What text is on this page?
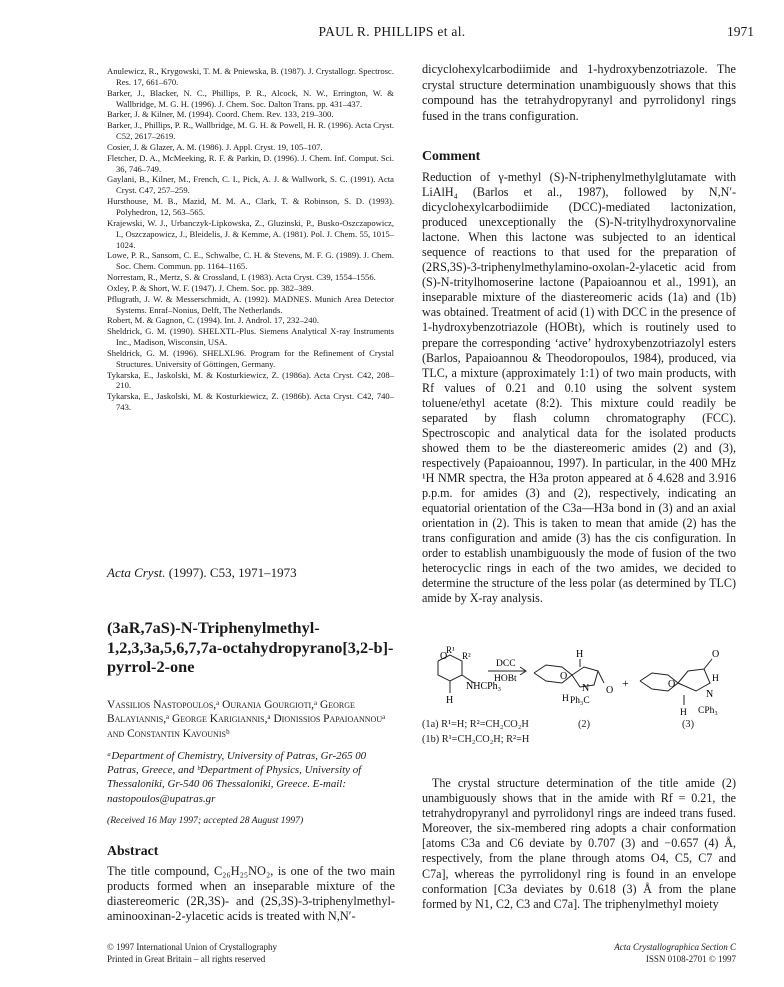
PAUL R. PHILLIPS et al.	1971
Anulewicz, R., Krygowski, T. M. & Pniewska, B. (1987). J. Crystallogr. Spectrosc. Res. 17, 661–670.
Barker, J., Blacker, N. C., Phillips, P. R., Alcock, N. W., Errington, W. & Wallbridge, M. G. H. (1996). J. Chem. Soc. Dalton Trans. pp. 431–437.
Barker, J. & Kilner, M. (1994). Coord. Chem. Rev. 133, 219–300.
Barker, J., Phillips, P. R., Wallbridge, M. G. H. & Powell, H. R. (1996). Acta Cryst. C52, 2617–2619.
Cosier, J. & Glazer, A. M. (1986). J. Appl. Cryst. 19, 105–107.
Fletcher, D. A., McMeeking, R. F. & Parkin, D. (1996). J. Chem. Inf. Comput. Sci. 36, 746–749.
Gaylani, B., Kilner, M., French, C. I., Pick, A. J. & Wallwork, S. C. (1991). Acta Cryst. C47, 257–259.
Hursthouse, M. B., Mazid, M. M. A., Clark, T. & Robinson, S. D. (1993). Polyhedron, 12, 563–565.
Krajewski, W. J., Urbanczyk-Lipkowska, Z., Gluzinski, P., Busko-Oszczapowicz, I., Oszczapowicz, J., Bleidelis, J. & Kemme, A. (1981). Pol. J. Chem. 55, 1015–1024.
Lowe, P. R., Sansom, C. E., Schwalbe, C. H. & Stevens, M. F. G. (1989). J. Chem. Soc. Chem. Commun. pp. 1164–1165.
Norrestam, R., Mertz, S. & Crossland, I. (1983). Acta Cryst. C39, 1554–1556.
Oxley, P. & Short, W. F. (1947). J. Chem. Soc. pp. 382–389.
Pflugrath, J. W. & Messerschmidt, A. (1992). MADNES. Munich Area Detector Systems. Enraf–Nonius, Delft, The Netherlands.
Robert, M. & Gagnon, C. (1994). Int. J. Androl. 17, 232–240.
Sheldrick, G. M. (1990). SHELXTL-Plus. Siemens Analytical X-ray Instruments Inc., Madison, Wisconsin, USA.
Sheldrick, G. M. (1996). SHELXL96. Program for the Refinement of Crystal Structures. University of Göttingen, Germany.
Tykarska, E., Jaskolski, M. & Kosturkiewicz, Z. (1986a). Acta Cryst. C42, 208–210.
Tykarska, E., Jaskolski, M. & Kosturkiewicz, Z. (1986b). Acta Cryst. C42, 740–743.
Acta Cryst. (1997). C53, 1971–1973
(3aR,7aS)-N-Triphenylmethyl-1,2,3,3a,5,6,7,7a-octahydropyrano[3,2-b]-pyrrol-2-one
Vassilios Nastopoulos,ᵃ Ourania Gourgioti,ᵃ George Balayiannis,ᵃ George Karigiannis,ᵃ Dionissios Papaioannouᵃ and Constantin Kavounisᵇ
ᵃDepartment of Chemistry, University of Patras, Gr-265 00 Patras, Greece, and ᵇDepartment of Physics, University of Thessaloniki, Gr-540 06 Thessaloniki, Greece. E-mail: nastopoulos@upatras.gr
(Received 16 May 1997; accepted 28 August 1997)
Abstract
The title compound, C₂₆H₂₅NO₂, is one of the two main products formed when an inseparable mixture of the diastereomeric (2R,3S)- and (2S,3S)-3-triphenylmethyl-aminooxinan-2-ylacetic acids is treated with N,N′-
© 1997 International Union of Crystallography
Printed in Great Britain – all rights reserved
Acta Crystallographica Section C
ISSN 0108-2701 © 1997
dicyclohexylcarbodiimide and 1-hydroxybenzotriazole. The crystal structure determination unambiguously shows that this compound has the tetrahydropyranyl and pyrrolidonyl rings fused in the trans configuration.
Comment
Reduction of γ-methyl (S)-N-triphenylmethylglutamate with LiAlH₄ (Barlos et al., 1987), followed by N,N′-dicyclohexylcarbodiimide (DCC)-mediated lactonization, produced unexceptionally the (S)-N-tritylhydroxynorvaline lactone. When this lactone was subjected to an identical sequence of reactions to that used for the preparation of (2RS,3S)-3-triphenylmethylamino-oxolan-2-ylacetic acid from (S)-N-tritylhomoserine lactone (Papaioannou et al., 1991), an inseparable mixture of the diastereomeric acids (1a) and (1b) was obtained. Treatment of acid (1) with DCC in the presence of 1-hydroxybenzotriazole (HOBt), which is routinely used to prepare the corresponding ‘active’ hydroxybenzotriazolyl esters (Barlos, Papaioannou & Theodoropoulos, 1984), produced, via TLC, a mixture (approximately 1:1) of two main products, with Rf values of 0.21 and 0.10 using the solvent system toluene/ethyl acetate (8:2). This mixture could readily be separated by flash column chromatography (FCC). Spectroscopic and analytical data for the isolated products showed them to be the diastereomeric amides (2) and (3), respectively (Papaioannou, 1997). In particular, in the 400 MHz ¹H NMR spectra, the H3a proton appeared at δ 4.628 and 3.916 p.p.m. for amides (3) and (2), respectively, indicating an equatorial orientation of the C3a—H3a bond in (3) and an axial orientation in (2). This is taken to mean that amide (2) has the trans configuration and amide (3) has the cis configuration. In order to establish unambiguously the mode of fusion of the two heterocyclic rings in each of the two amides, we decided to determine the structure of the less polar (as determined by TLC) amide by X-ray analysis.
O
R¹
R²
NHCPh₃
H
DCC
HOBt	O
H
N O
Ph₃C
H
+	O
O
H
N
CPh₃
H
(1a) R¹=H; R²=CH₂CO₂H
(1b) R¹=CH₂CO₂H; R²=H
(2)	(3)
The crystal structure determination of the title amide (2) unambiguously shows that in the amide with Rf = 0.21, the tetrahydropyranyl and pyrrolidonyl rings are indeed trans fused. Moreover, the six-membered ring adopts a chair conformation [atoms C3a and C6 deviate by 0.707 (3) and −0.657 (4) Å, respectively, from the plane through atoms O4, C5, C7 and C7a], whereas the pyrrolidonyl ring is found in an envelope conformation [C3a deviates by 0.618 (3) Å from the plane formed by N1, C2, C3 and C7a]. The triphenylmethyl moiety
